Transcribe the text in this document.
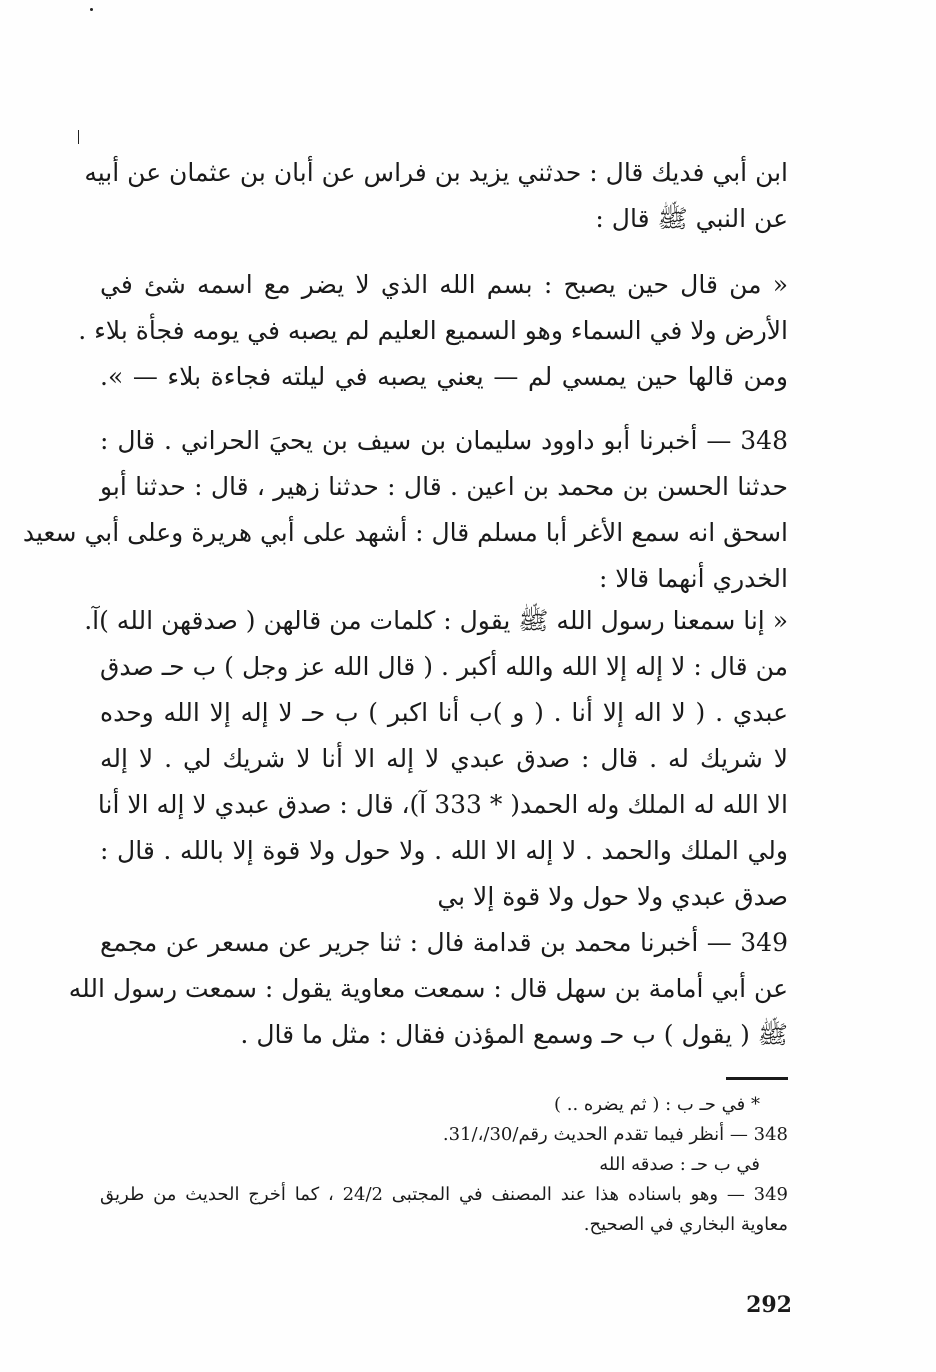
ابن أبي فديك قال : حدثني يزيد بن فراس عن أبان بن عثمان عن أبيه
عن النبي ﷺ قال :
« من قال حين يصبح : بسم الله الذي لا يضر مع اسمه شئ في
الأرض ولا في السماء وهو السميع العليم لم يصبه في يومه فجأة بلاء .
ومن قالها حين يمسي لم — يعني يصبه في ليلته فجاءة بلاء — ».
348 — أخبرنا أبو داوود سليمان بن سيف بن يحيَ الحراني . قال :
حدثنا الحسن بن محمد بن اعين . قال : حدثنا زهير ، قال : حدثنا أبو
اسحق انه سمع الأغر أبا مسلم قال : أشهد على أبي هريرة وعلى أبي سعيد
الخدري أنهما قالا :
« إنا سمعنا رسول الله ﷺ يقول : كلمات من قالهن ( صدقهن الله )آ.
من قال : لا إله إلا الله والله أكبر . ( قال الله عز وجل ) ب حـ صدق
عبدي . ( لا اله إلا أنا . ( و )ب أنا اكبر ) ب حـ لا إله إلا الله وحده
لا شريك له . قال : صدق عبدي لا إله الا أنا لا شريك لي . لا إله
الا الله له الملك وله الحمد( * 333 آ)، قال : صدق عبدي لا إله الا أنا
ولي الملك والحمد . لا إله الا الله . ولا حول ولا قوة إلا بالله . قال :
صدق عبدي ولا حول ولا قوة إلا بي
349 — أخبرنا محمد بن قدامة فال : ثنا جرير عن مسعر عن مجمع
عن أبي أمامة بن سهل قال : سمعت معاوية يقول : سمعت رسول الله
ﷺ ( يقول ) ب حـ وسمع المؤذن فقال : مثل ما قال .
* في حـ ب : ( ثم يضره .. )
348 — أنظر فيما تقدم الحديث رقم/30/،/31.
في ب حـ : صدقه الله
349 — وهو باسناده هذا عند المصنف في المجتبى 24/2 ، كما أخرج الحديث من طريق
معاوية البخاري في الصحيح.
292
